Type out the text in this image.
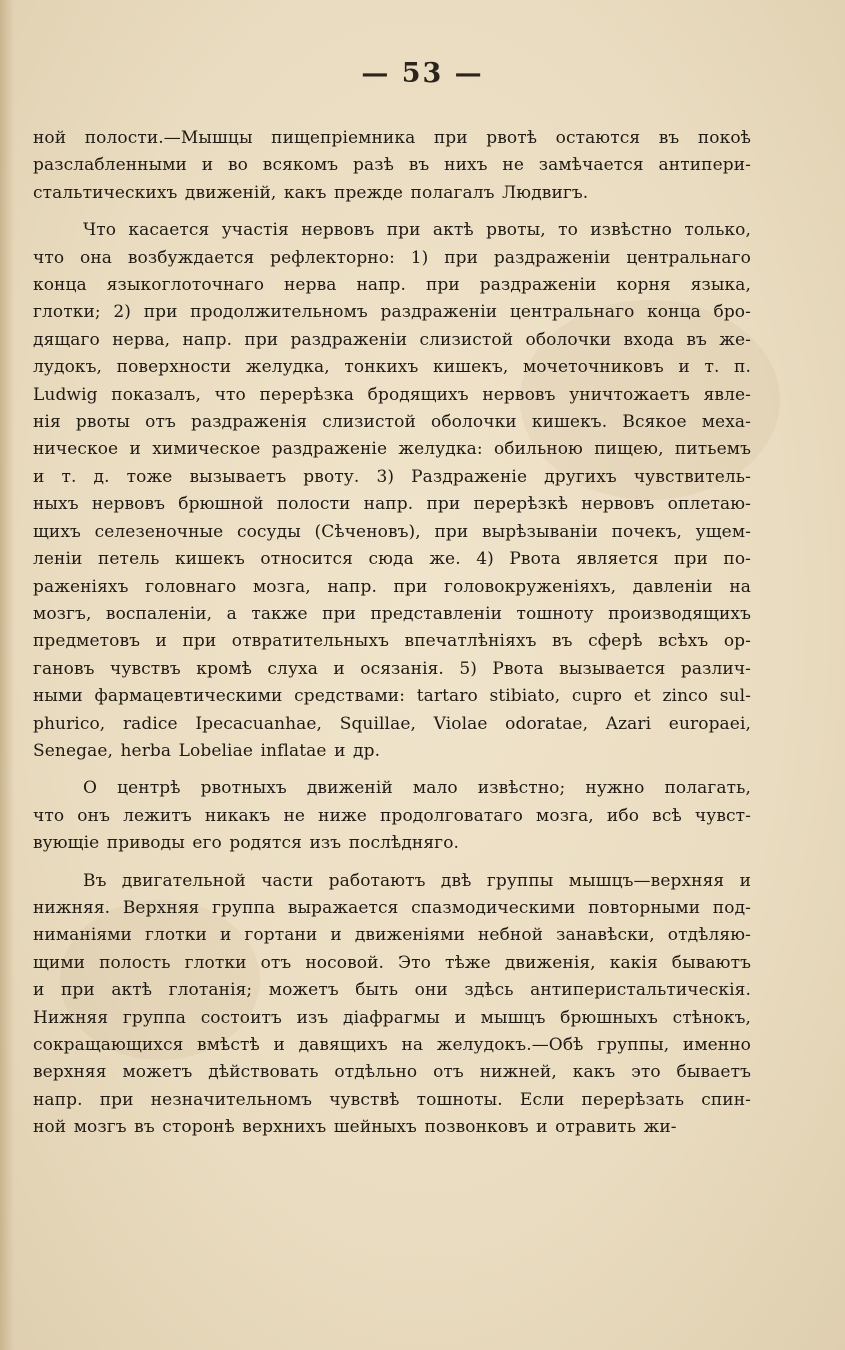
— 53 —
ной полости.—Мышцы пищепріемника при рвотѣ остаются въ покоѣ
разслабленными и во всякомъ разѣ въ нихъ не замѣчается антипери-
стальтическихъ движеній, какъ прежде полагалъ Людвигъ.
Что касается участія нервовъ при актѣ рвоты, то извѣстно только,
что она возбуждается рефлекторно: 1) при раздраженіи центральнаго
конца языкоглоточнаго нерва напр. при раздраженіи корня языка,
глотки; 2) при продолжительномъ раздраженіи центральнаго конца бро-
дящаго нерва, напр. при раздраженіи слизистой оболочки входа въ же-
лудокъ, поверхности желудка, тонкихъ кишекъ, мочеточниковъ и т. п.
Ludwig показалъ, что перерѣзка бродящихъ нервовъ уничтожаетъ явле-
нія рвоты отъ раздраженія слизистой оболочки кишекъ. Всякое меха-
ническое и химическое раздраженіе желудка: обильною пищею, питьемъ
и т. д. тоже вызываетъ рвоту. 3) Раздраженіе другихъ чувствитель-
ныхъ нервовъ брюшной полости напр. при перерѣзкѣ нервовъ оплетаю-
щихъ селезеночные сосуды (Сѣченовъ), при вырѣзываніи почекъ, ущем-
леніи петель кишекъ относится сюда же. 4) Рвота является при по-
раженіяхъ головнаго мозга, напр. при головокруженіяхъ, давленіи на
мозгъ, воспаленіи, а также при представленіи тошноту производящихъ
предметовъ и при отвратительныхъ впечатлѣніяхъ въ сферѣ всѣхъ ор-
гановъ чувствъ кромѣ слуха и осязанія. 5) Рвота вызывается различ-
ными фармацевтическими средствами: tartaro stibiato, cupro et zinco sul-
phurico, radice Ipecacuanhae, Squillae, Violae odoratae, Azari europaei,
Senegae, herba Lobeliae inflatae и др.
О центрѣ рвотныхъ движеній мало извѣстно; нужно полагать,
что онъ лежитъ никакъ не ниже продолговатаго мозга, ибо всѣ чувст-
вующіе приводы его родятся изъ послѣдняго.
Въ двигательной части работаютъ двѣ группы мышцъ—верхняя и
нижняя. Верхняя группа выражается спазмодическими повторными под-
ниманіями глотки и гортани и движеніями небной занавѣски, отдѣляю-
щими полость глотки отъ носовой. Это тѣже движенія, какія бываютъ
и при актѣ глотанія; можетъ быть они здѣсь антиперистальтическія.
Нижняя группа состоитъ изъ діафрагмы и мышцъ брюшныхъ стѣнокъ,
сокращающихся вмѣстѣ и давящихъ на желудокъ.—Обѣ группы, именно
верхняя можетъ дѣйствовать отдѣльно отъ нижней, какъ это бываетъ
напр. при незначительномъ чувствѣ тошноты. Если перерѣзать спин-
ной мозгъ въ сторонѣ верхнихъ шейныхъ позвонковъ и отравить жи-
